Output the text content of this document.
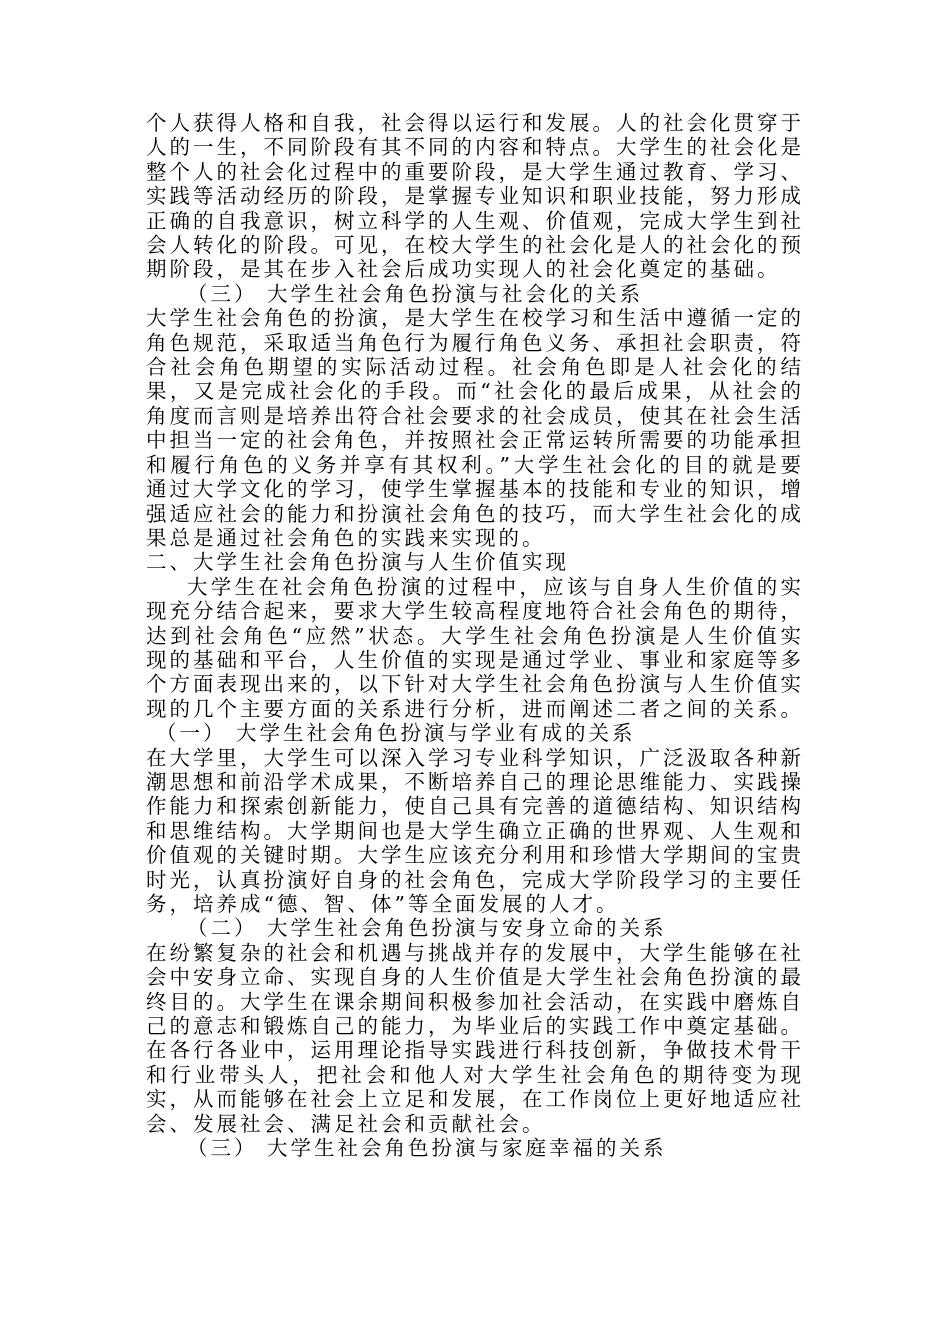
个人获得人格和自我，社会得以运行和发展。人的社会化贯穿于人的一生，不同阶段有其不同的内容和特点。大学生的社会化是整个人的社会化过程中的重要阶段，是大学生通过教育、学习、实践等活动经历的阶段，是掌握专业知识和职业技能，努力形成正确的自我意识，树立科学的人生观、价值观，完成大学生到社会人转化的阶段。可见，在校大学生的社会化是人的社会化的预期阶段，是其在步入社会后成功实现人的社会化奠定的基础。

（三） 大学生社会角色扮演与社会化的关系

大学生社会角色的扮演，是大学生在校学习和生活中遵循一定的角色规范，采取适当角色行为履行角色义务、承担社会职责，符合社会角色期望的实际活动过程。社会角色即是人社会化的结果，又是完成社会化的手段。而“社会化的最后成果，从社会的角度而言则是培养出符合社会要求的社会成员，使其在社会生活中担当一定的社会角色，并按照社会正常运转所需要的功能承担和履行角色的义务并享有其权利。”大学生社会化的目的就是要通过大学文化的学习，使学生掌握基本的技能和专业的知识，增强适应社会的能力和扮演社会角色的技巧，而大学生社会化的成果总是通过社会角色的实践来实现的。

二、大学生社会角色扮演与人生价值实现

大学生在社会角色扮演的过程中，应该与自身人生价值的实现充分结合起来，要求大学生较高程度地符合社会角色的期待，达到社会角色“应然”状态。大学生社会角色扮演是人生价值实现的基础和平台，人生价值的实现是通过学业、事业和家庭等多个方面表现出来的，以下针对大学生社会角色扮演与人生价值实现的几个主要方面的关系进行分析，进而阐述二者之间的关系。

（一） 大学生社会角色扮演与学业有成的关系

在大学里，大学生可以深入学习专业科学知识，广泛汲取各种新潮思想和前沿学术成果，不断培养自己的理论思维能力、实践操作能力和探索创新能力，使自己具有完善的道德结构、知识结构和思维结构。大学期间也是大学生确立正确的世界观、人生观和价值观的关键时期。大学生应该充分利用和珍惜大学期间的宝贵时光，认真扮演好自身的社会角色，完成大学阶段学习的主要任务，培养成“德、智、体”等全面发展的人才。

（二） 大学生社会角色扮演与安身立命的关系

在纷繁复杂的社会和机遇与挑战并存的发展中，大学生能够在社会中安身立命、实现自身的人生价值是大学生社会角色扮演的最终目的。大学生在课余期间积极参加社会活动，在实践中磨炼自己的意志和锻炼自己的能力，为毕业后的实践工作中奠定基础。在各行各业中，运用理论指导实践进行科技创新，争做技术骨干和行业带头人，把社会和他人对大学生社会角色的期待变为现实，从而能够在社会上立足和发展，在工作岗位上更好地适应社会、发展社会、满足社会和贡献社会。

（三） 大学生社会角色扮演与家庭幸福的关系
